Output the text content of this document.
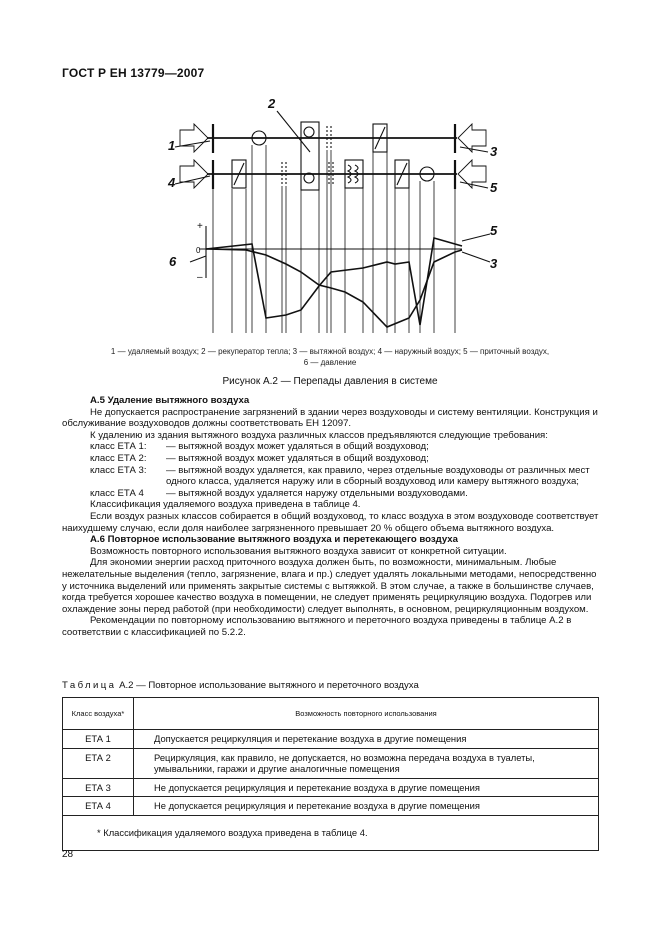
ГОСТ Р ЕН 13779—2007
1
2
3
4	5
6
5
3
+
0
–
1 — удаляемый воздух; 2 — рекуператор тепла; 3 — вытяжной воздух; 4 — наружный воздух; 5 — приточный воздух,
6 — давление
Рисунок А.2 — Перепады давления в системе

А.5 Удаление вытяжного воздуха

Не допускается распространение загрязнений в здании через воздуховоды и систему вентиляции. Конструкция и обслуживание воздуховодов должны соответствовать ЕН 12097.

К удалению из здания вытяжного воздуха различных классов предъявляются следующие требования:

класс ЕТА 1:	— вытяжной воздух может удаляться в общий воздуховод;
класс ЕТА 2:	— вытяжной воздух может удаляться в общий воздуховод;
класс ЕТА 3:	— вытяжной воздух удаляется, как правило, через отдельные воздуховоды от различных мест

одного класса, удаляется наружу или в сборный воздуховод или камеру вытяжного воздуха;

класс ЕТА 4	— вытяжной воздух удаляется наружу отдельными воздуховодами.

Классификация удаляемого воздуха приведена в таблице 4.

Если воздух разных классов собирается в общий воздуховод, то класс воздуха в этом воздуховоде соответствует наихудшему случаю, если доля наиболее загрязненного превышает 20 % общего объема вытяжного воздуха.

А.6 Повторное использование вытяжного воздуха и перетекающего воздуха

Возможность повторного использования вытяжного воздуха зависит от конкретной ситуации.

Для экономии энергии расход приточного воздуха должен быть, по возможности, минимальным. Любые нежелательные выделения (тепло, загрязнение, влага и пр.) следует удалять локальными методами, непосредственно у источника выделений или применять закрытые системы с вытяжкой. В этом случае, а также в большинстве случаев, когда требуется хорошее качество воздуха в помещении, не следует применять рециркуляцию воздуха. Подогрев или охлаждение зоны перед работой (при необходимости) следует выполнять, в основном, рециркуляционным воздухом.

Рекомендации по повторному использованию вытяжного и переточного воздуха приведены в таблице А.2 в соответствии с классификацией по 5.2.2.

Таблица А.2 — Повторное использование вытяжного и переточного воздуха
Класс воздуха*	Возможность повторного использования
ЕТА 1	Допускается рециркуляция и перетекание воздуха в другие помещения
ЕТА 2	Рециркуляция, как правило, не допускается, но возможна передача воздуха в туалеты, умывальники, гаражи и другие аналогичные помещения
ЕТА 3	Не допускается рециркуляция и перетекание воздуха в другие помещения
ЕТА 4	Не допускается рециркуляция и перетекание воздуха в другие помещения
* Классификация удаляемого воздуха приведена в таблице 4.	
28
